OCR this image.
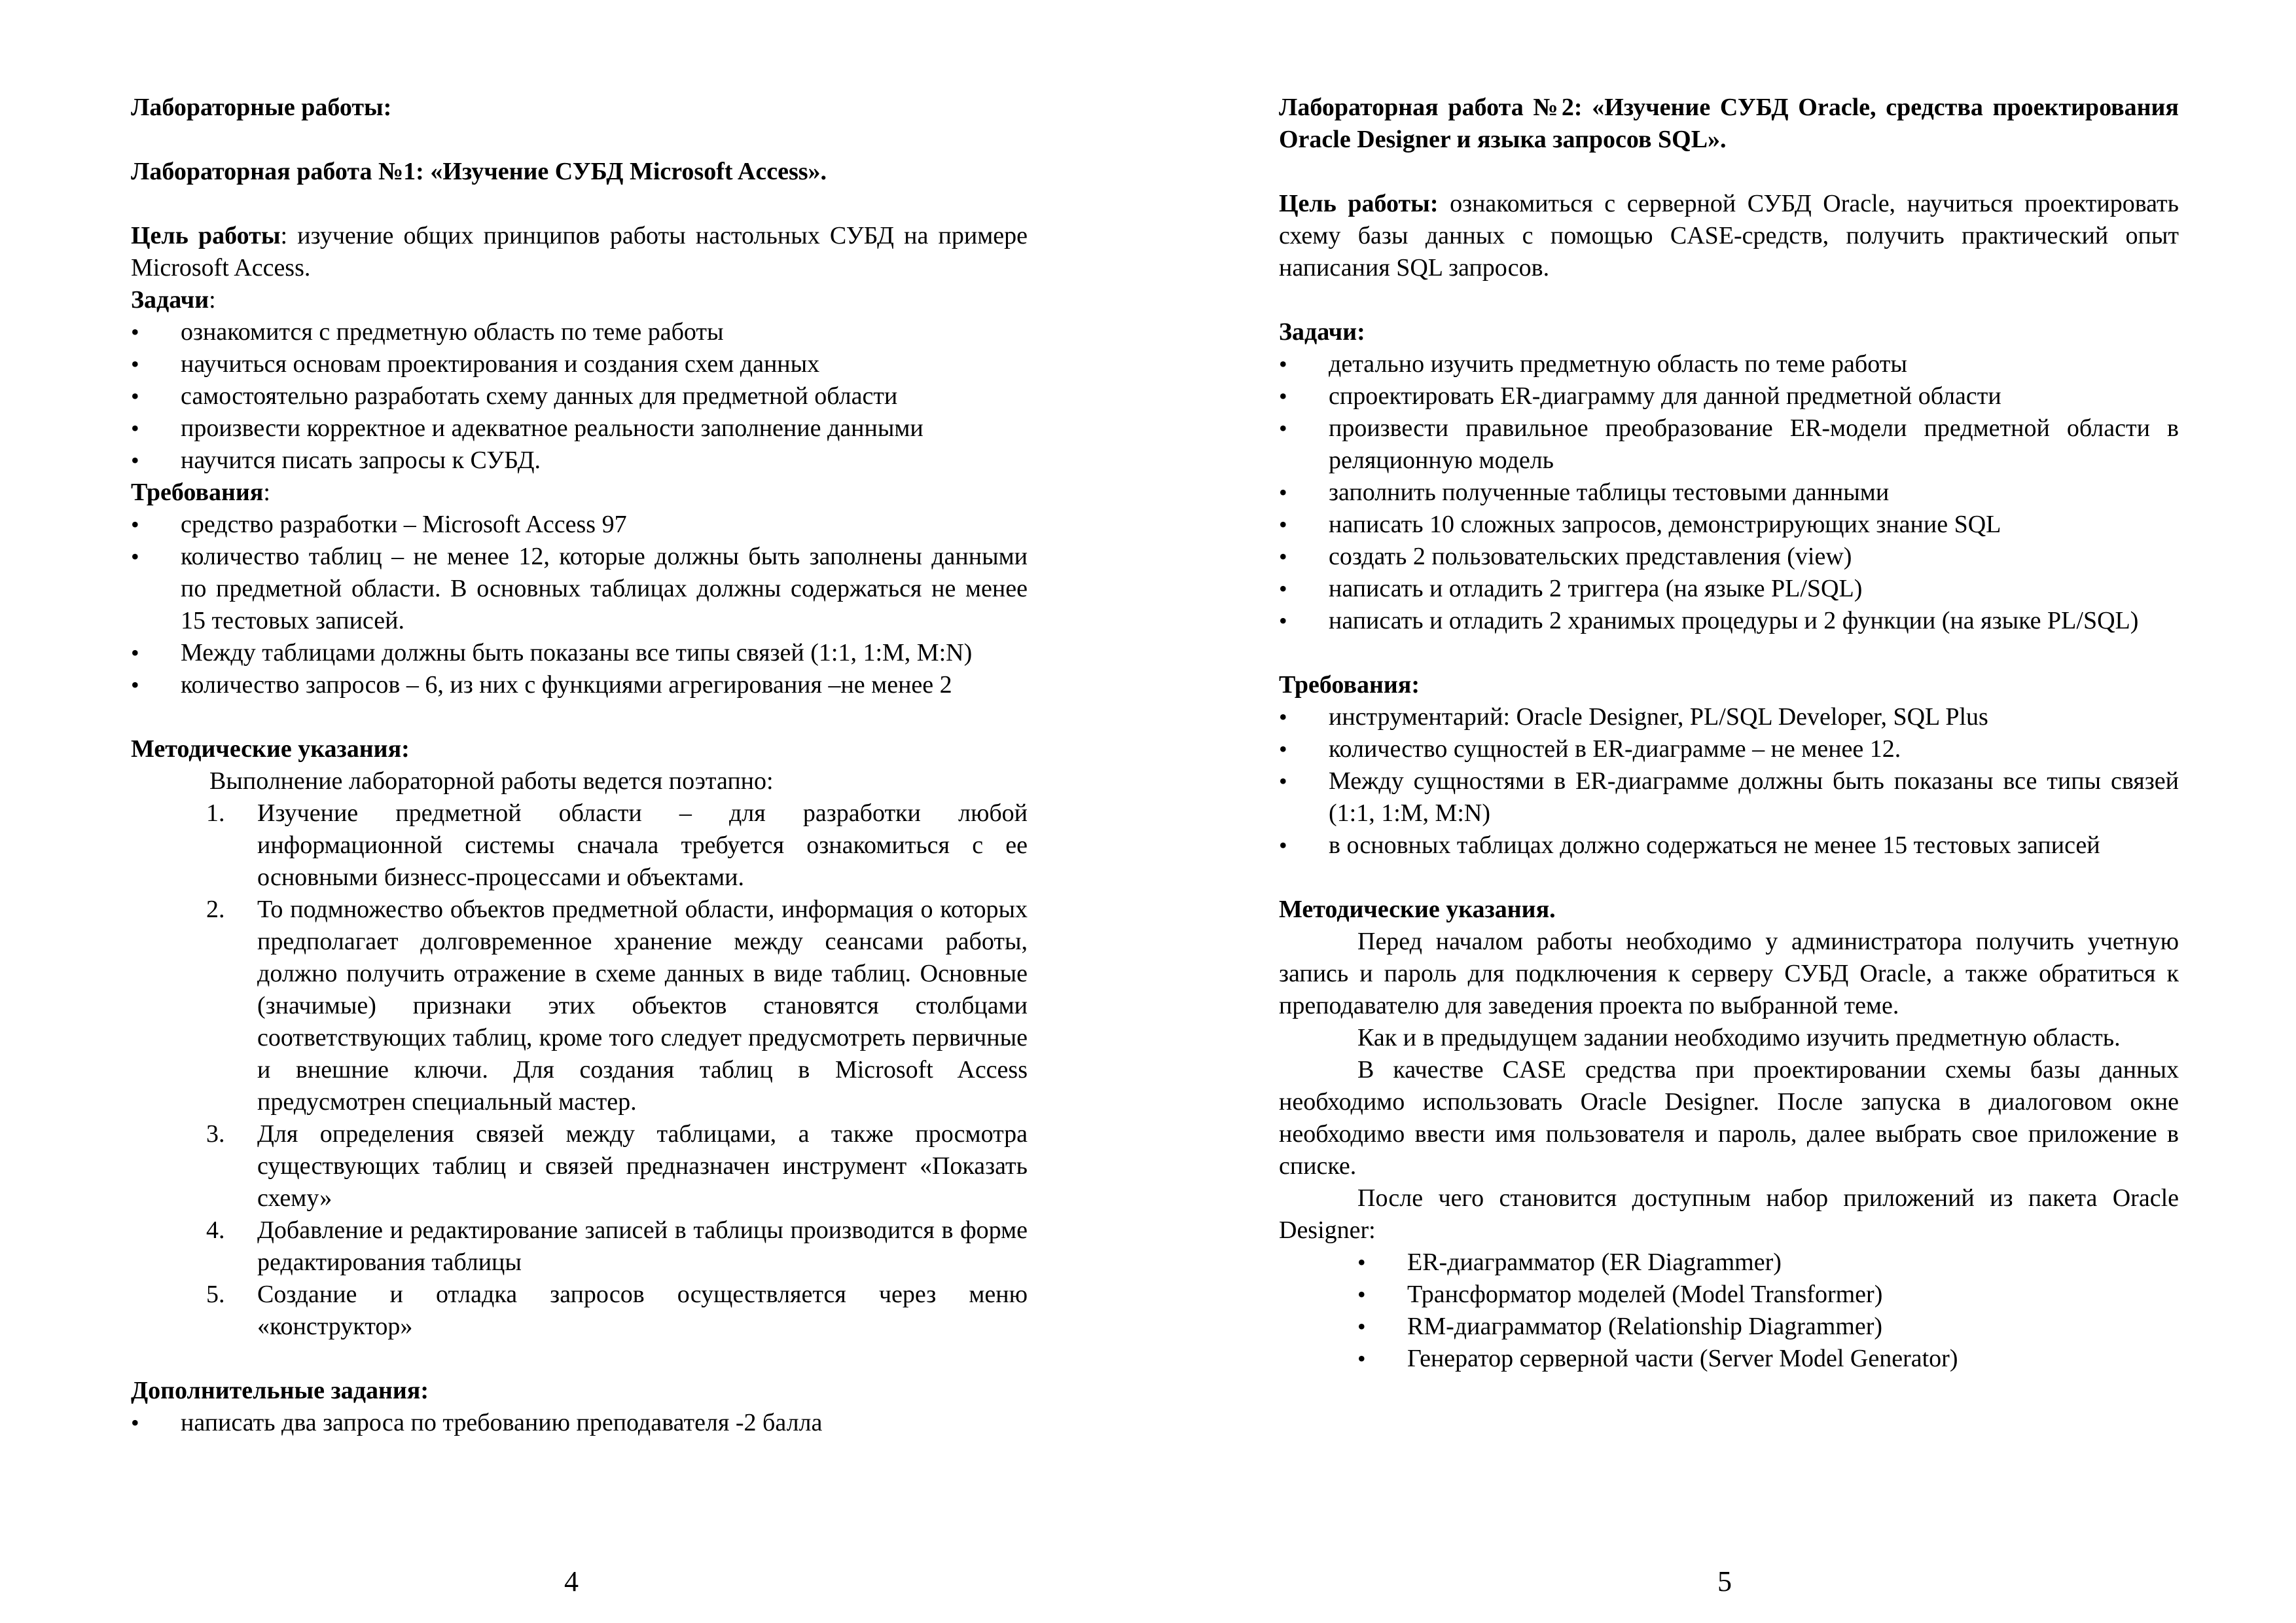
Лабораторные работы:

Лабораторная работа №1: «Изучение СУБД Microsoft Access».

Цель работы: изучение общих принципов работы настольных СУБД на примере Microsoft Access.

Задачи:

• ознакомится с предметную область по теме работы
• научиться основам проектирования и создания схем данных
• самостоятельно разработать схему данных для предметной области
• произвести корректное и адекватное реальности заполнение данными
• научится писать запросы к СУБД.

Требования:

• средство разработки – Microsoft Access 97
• количество таблиц – не менее 12, которые должны быть заполнены данными по предметной области. В основных таблицах должны содержаться не менее 15 тестовых записей.
• Между таблицами должны быть показаны все типы связей (1:1, 1:M, M:N)
• количество запросов – 6, из них с функциями агрегирования –не менее 2

Методические указания:

Выполнение лабораторной работы ведется поэтапно:

1. Изучение предметной области – для разработки любой информационной системы сначала требуется ознакомиться с ее основными бизнесс-процессами и объектами.
2. То подмножество объектов предметной области, информация о которых предполагает долговременное хранение между сеансами работы, должно получить отражение в схеме данных в виде таблиц. Основные (значимые) признаки этих объектов становятся столбцами соответствующих таблиц, кроме того следует предусмотреть первичные и внешние ключи. Для создания таблиц в Microsoft Access предусмотрен специальный мастер.
3. Для определения связей между таблицами, а также просмотра существующих таблиц и связей предназначен инструмент «Показать схему»
4. Добавление и редактирование записей в таблицы производится в форме редактирования таблицы
5. Создание и отладка запросов осуществляется через меню «конструктор»

Дополнительные задания:

• написать два запроса по требованию преподавателя -2 балла
4

Лабораторная работа №2: «Изучение СУБД Oracle, средства проектирования Oracle Designer и языка запросов SQL».

Цель работы: ознакомиться с серверной СУБД Oracle, научиться проектировать схему базы данных с помощью CASE-средств, получить практический опыт написания SQL запросов.

Задачи:

• детально изучить предметную область по теме работы
• спроектировать ER-диаграмму для данной предметной области
• произвести правильное преобразование ER-модели предметной области в реляционную модель
• заполнить полученные таблицы тестовыми данными
• написать 10 сложных запросов, демонстрирующих знание SQL
• создать 2 пользовательских представления (view)
• написать и отладить 2 триггера (на языке PL/SQL)
• написать и отладить 2 хранимых процедуры и 2 функции (на языке PL/SQL)

Требования:

• инструментарий: Oracle Designer, PL/SQL Developer, SQL Plus
• количество сущностей в ER-диаграмме – не менее 12.
• Между сущностями в ER-диаграмме должны быть показаны все типы связей (1:1, 1:M, M:N)
• в основных таблицах должно содержаться не менее 15 тестовых записей

Методические указания.

Перед началом работы необходимо у администратора получить учетную запись и пароль для подключения к серверу СУБД Oracle, а также обратиться к преподавателю для заведения проекта по выбранной теме.

Как и в предыдущем задании необходимо изучить предметную область.

В качестве CASE средства при проектировании схемы базы данных необходимо использовать Oracle Designer. После запуска в диалоговом окне необходимо ввести имя пользователя и пароль, далее выбрать свое приложение в списке.

После чего становится доступным набор приложений из пакета Oracle Designer:

• ER-диаграмматор (ER Diagrammer)
• Трансформатор моделей (Model Transformer)
• RM-диаграмматор (Relationship Diagrammer)
• Генератор серверной части (Server Model Generator)
5
